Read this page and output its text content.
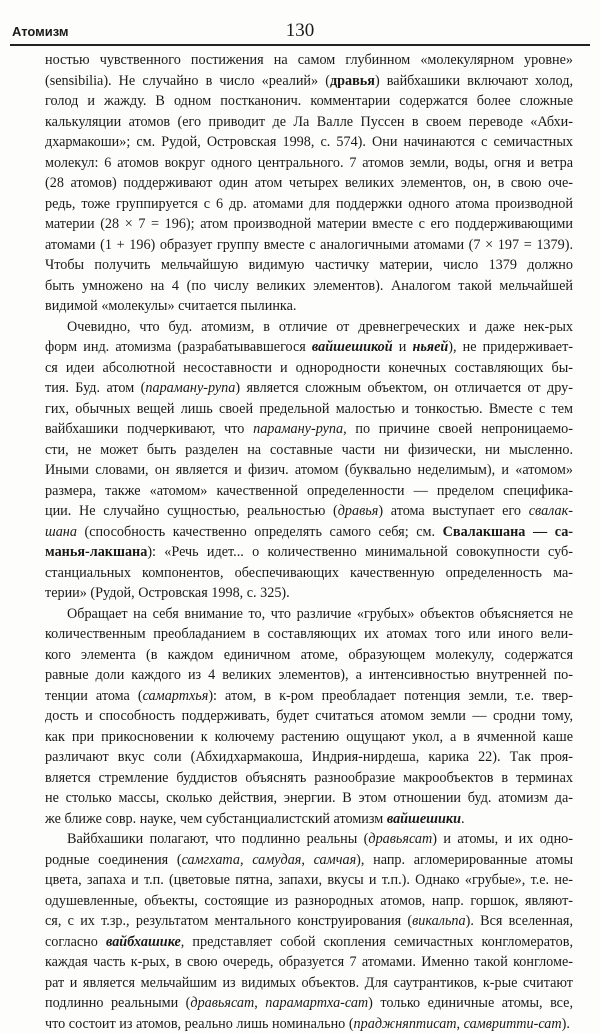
Атомизм	130

ностью чувственного постижения на самом глубинном «молекулярном уровне»
(sensibilia). Не случайно в число «реалий» (дравья) вайбхашики включают холод,
голод и жажду. В одном постканонич. комментарии содержатся более сложные
калькуляции атомов (его приводит де Ла Валле Пуссен в своем переводе «Абхи-
дхармакоши»; см. Рудой, Островская 1998, с. 574). Они начинаются с семичастных
молекул: 6 атомов вокруг одного центрального. 7 атомов земли, воды, огня и ветра
(28 атомов) поддерживают один атом четырех великих элементов, он, в свою оче-
редь, тоже группируется с 6 др. атомами для поддержки одного атома производной
материи (28 × 7 = 196); атом производной материи вместе с его поддерживающими
атомами (1 + 196) образует группу вместе с аналогичными атомами (7 × 197 = 1379).
Чтобы получить мельчайшую видимую частичку материи, число 1379 должно
быть умножено на 4 (по числу великих элементов). Аналогом такой мельчайшей
видимой «молекулы» считается пылинка.

Очевидно, что буд. атомизм, в отличие от древнегреческих и даже нек-рых
форм инд. атомизма (разрабатывавшегося вайшешикой и ньяей), не придерживает-
ся идеи абсолютной несоставности и однородности конечных составляющих бы-
тия. Буд. атом (параману-рупа) является сложным объектом, он отличается от дру-
гих, обычных вещей лишь своей предельной малостью и тонкостью. Вместе с тем
вайбхашики подчеркивают, что параману-рупа, по причине своей непроницаемо-
сти, не может быть разделен на составные части ни физически, ни мысленно.
Иными словами, он является и физич. атомом (буквально неделимым), и «атомом»
размера, также «атомом» качественной определенности — пределом специфика-
ции. Не случайно сущностью, реальностью (дравья) атома выступает его свалак-
шана (способность качественно определять самого себя; см. Свалакшана — са-
манья-лакшана): «Речь идет... о количественно минимальной совокупности суб-
станциальных компонентов, обеспечивающих качественную определенность ма-
терии» (Рудой, Островская 1998, с. 325).

Обращает на себя внимание то, что различие «грубых» объектов объясняется не
количественным преобладанием в составляющих их атомах того или иного вели-
кого элемента (в каждом единичном атоме, образующем молекулу, содержатся
равные доли каждого из 4 великих элементов), а интенсивностью внутренней по-
тенции атома (самартхья): атом, в к-ром преобладает потенция земли, т.е. твер-
дость и способность поддерживать, будет считаться атомом земли — сродни тому,
как при прикосновении к колючему растению ощущают укол, а в ячменной каше
различают вкус соли (Абхидхармакоша, Индрия-нирдеша, карика 22). Так проя-
вляется стремление буддистов объяснять разнообразие макрообъектов в терминах
не столько массы, сколько действия, энергии. В этом отношении буд. атомизм да-
же ближе совр. науке, чем субстанциалистский атомизм вайшешики.

Вайбхашики полагают, что подлинно реальны (дравьясат) и атомы, и их одно-
родные соединения (самгхата, самудая, самчая), напр. агломерированные атомы
цвета, запаха и т.п. (цветовые пятна, запахи, вкусы и т.п.). Однако «грубые», т.е. не-
одушевленные, объекты, состоящие из разнородных атомов, напр. горшок, являют-
ся, с их т.зр., результатом ментального конструирования (викальпа). Вся вселенная,
согласно вайбхашике, представляет собой скопления семичастных конгломератов,
каждая часть к-рых, в свою очередь, образуется 7 атомами. Именно такой конгломе-
рат и является мельчайшим из видимых объектов. Для саутрантиков, к-рые считают
подлинно реальными (дравьясат, парамартха-сат) только единичные атомы, все,
что состоит из атомов, реально лишь номинально (праджняптисат, самвритти-сат).
